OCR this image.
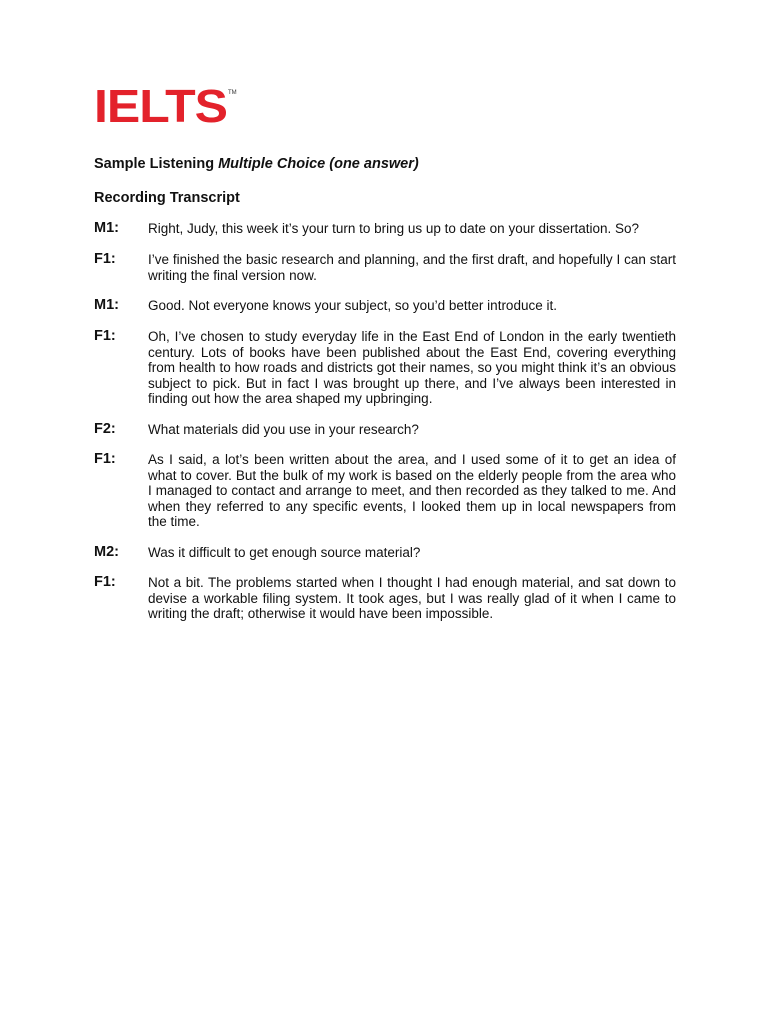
IELTS TM
Sample Listening Multiple Choice (one answer)
Recording Transcript
M1:	Right, Judy, this week it’s your turn to bring us up to date on your dissertation. So?
F1:	I’ve finished the basic research and planning, and the first draft, and hopefully I can start writing the final version now.
M1:	Good. Not everyone knows your subject, so you’d better introduce it.
F1:	Oh, I’ve chosen to study everyday life in the East End of London in the early twentieth century. Lots of books have been published about the East End, covering everything from health to how roads and districts got their names, so you might think it’s an obvious subject to pick. But in fact I was brought up there, and I’ve always been interested in finding out how the area shaped my upbringing.
F2:	What materials did you use in your research?
F1:	As I said, a lot’s been written about the area, and I used some of it to get an idea of what to cover. But the bulk of my work is based on the elderly people from the area who I managed to contact and arrange to meet, and then recorded as they talked to me. And when they referred to any specific events, I looked them up in local newspapers from the time.
M2:	Was it difficult to get enough source material?
F1:	Not a bit. The problems started when I thought I had enough material, and sat down to devise a workable filing system. It took ages, but I was really glad of it when I came to writing the draft; otherwise it would have been impossible.
